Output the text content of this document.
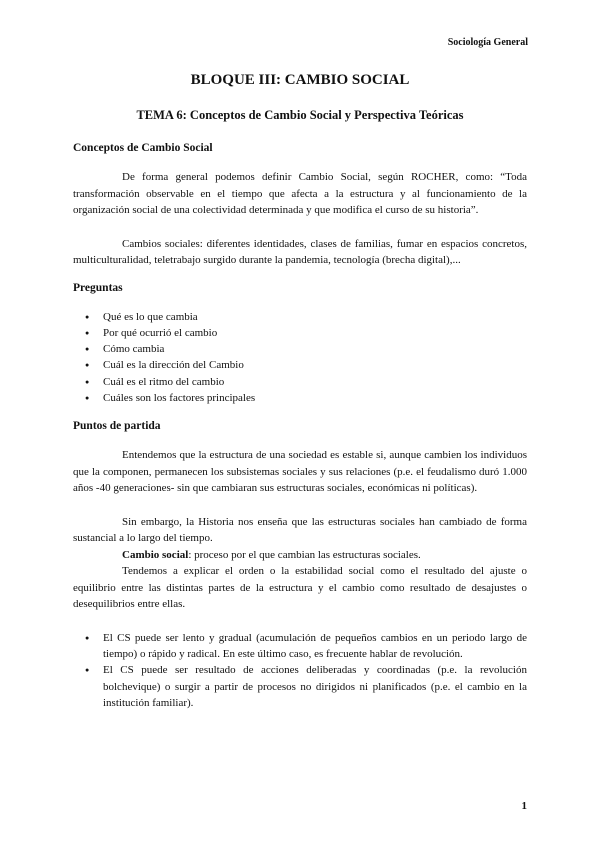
Sociología General
BLOQUE III: CAMBIO SOCIAL
TEMA 6: Conceptos de Cambio Social y Perspectiva Teóricas
Conceptos de Cambio Social

De forma general podemos definir Cambio Social, según ROCHER, como: “Toda transformación observable en el tiempo que afecta a la estructura y al funcionamiento de la organización social de una colectividad determinada y que modifica el curso de su historia”.

Cambios sociales: diferentes identidades, clases de familias, fumar en espacios concretos, multiculturalidad, teletrabajo surgido durante la pandemia, tecnología (brecha digital),...

Preguntas
● Qué es lo que cambia
● Por qué ocurrió el cambio
● Cómo cambia
● Cuál es la dirección del Cambio
● Cuál es el ritmo del cambio
● Cuáles son los factores principales
Puntos de partida

Entendemos que la estructura de una sociedad es estable si, aunque cambien los individuos que la componen, permanecen los subsistemas sociales y sus relaciones (p.e. el feudalismo duró 1.000 años -40 generaciones- sin que cambiaran sus estructuras sociales, económicas ni políticas).

Sin embargo, la Historia nos enseña que las estructuras sociales han cambiado de forma sustancial a lo largo del tiempo.

Cambio social: proceso por el que cambian las estructuras sociales.

Tendemos a explicar el orden o la estabilidad social como el resultado del ajuste o equilibrio entre las distintas partes de la estructura y el cambio como resultado de desajustes o desequilibrios entre ellas.

● El CS puede ser lento y gradual (acumulación de pequeños cambios en un periodo largo de tiempo) o rápido y radical. En este último caso, es frecuente hablar de revolución.
● El CS puede ser resultado de acciones deliberadas y coordinadas (p.e. la revolución bolchevique) o surgir a partir de procesos no dirigidos ni planificados (p.e. el cambio en la institución familiar).
1
